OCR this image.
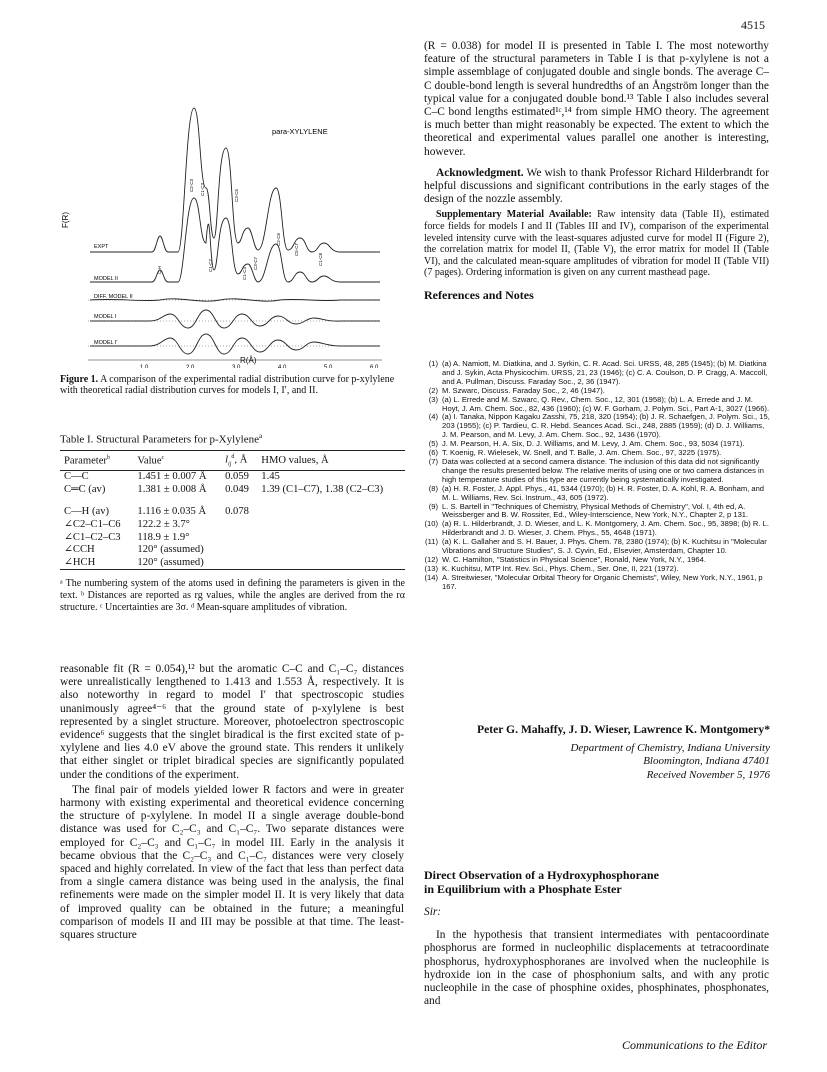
4515
F(R)
para-XYLYLENE
EXPT
MODEL II
DIFF. MODEL II
MODEL I
MODEL I'
C-H
C2-C3 C1-C3
C1-C7
C3-C5
C1-C4
C3-C7
C2-C6
C5-C7
C1-C8
1.0	2.0	3.0	4.0	5.0	6.0
R(Å)
Figure 1. A comparison of the experimental radial distribution curve for p-xylylene with theoretical radial distribution curves for models I, I′, and II.
Table I. Structural Parameters for p-Xylylene$^a$
Parameter$^b$	Value$^c$	$l_{ij}^d$, Å	HMO values, Å
C—C	1.451 ± 0.007 Å	0.059	1.45
C═C (av)	1.381 ± 0.008 Å	0.049	1.39 (C1–C7), 1.38 (C2–C3)
C—H (av)	1.116 ± 0.035 Å	0.078	
∠C2–C1–C6	122.2 ± 3.7°		
∠C1–C2–C3	118.9 ± 1.9°		
∠CCH	120° (assumed)		
∠HCH	120° (assumed)		

ᵃ The numbering system of the atoms used in defining the parameters is given in the text. ᵇ Distances are reported as rg values, while the angles are derived from the rα structure. ᶜ Uncertainties are 3σ. ᵈ Mean-square amplitudes of vibration.

reasonable fit (R = 0.054),¹² but the aromatic C–C and C₁–C₇ distances were unrealistically lengthened to 1.413 and 1.553 Å, respectively. It is also noteworthy in regard to model I′ that spectroscopic studies unanimously agree⁴⁻⁶ that the ground state of p-xylylene is best represented by a singlet structure. Moreover, photoelectron spectroscopic evidence⁶ suggests that the singlet biradical is the first excited state of p-xylylene and lies 4.0 eV above the ground state. This renders it unlikely that either singlet or triplet biradical species are significantly populated under the conditions of the experiment.

The final pair of models yielded lower R factors and were in greater harmony with existing experimental and theoretical evidence concerning the structure of p-xylylene. In model II a single average double-bond distance was used for C₂–C₃ and C₁–C₇. Two separate distances were employed for C₂–C₃ and C₁–C₇ in model III. Early in the analysis it became obvious that the C₂–C₃ and C₁–C₇ distances were very closely spaced and highly correlated. In view of the fact that less than perfect data from a single camera distance was being used in the analysis, the final refinements were made on the simpler model II. It is very likely that data of improved quality can be obtained in the future; a meaningful comparison of models II and III may be possible at that time. The least-squares structure

(R = 0.038) for model II is presented in Table I. The most noteworthy feature of the structural parameters in Table I is that p-xylylene is not a simple assemblage of conjugated double and single bonds. The average C–C double-bond length is several hundredths of an Ångström longer than the typical value for a conjugated double bond.¹³ Table I also includes several C–C bond lengths estimated¹ᶜ,¹⁴ from simple HMO theory. The agreement is much better than might reasonably be expected. The extent to which the theoretical and experimental values parallel one another is interesting, however.

Acknowledgment. We wish to thank Professor Richard Hilderbrandt for helpful discussions and significant contributions in the early stages of the design of the nozzle assembly.

Supplementary Material Available: Raw intensity data (Table II), estimated force fields for models I and II (Tables III and IV), comparison of the experimental leveled intensity curve with the least-squares adjusted curve for model II (Figure 2), the correlation matrix for model II, (Table V), the error matrix for model II (Table VI), and the calculated mean-square amplitudes of vibration for model II (Table VII) (7 pages). Ordering information is given on any current masthead page.

References and Notes
(1) (a) A. Namiott, M. Diatkina, and J. Syrkin, C. R. Acad. Sci. URSS, 48, 285 (1945); (b) M. Diatkina and J. Sykin, Acta Physicochim. URSS, 21, 23 (1946); (c) C. A. Coulson, D. P. Cragg, A. Maccoll, and A. Pullman, Discuss. Faraday Soc., 2, 36 (1947).
(2) M. Szwarc, Discuss. Faraday Soc., 2, 46 (1947).
(3) (a) L. Errede and M. Szwarc, Q. Rev., Chem. Soc., 12, 301 (1958); (b) L. A. Errede and J. M. Hoyt, J. Am. Chem. Soc., 82, 436 (1960); (c) W. F. Gorham, J. Polym. Sci., Part A-1, 3027 (1966).
(4) (a) I. Tanaka, Nippon Kagaku Zasshi, 75, 218, 320 (1954); (b) J. R. Schaefgen, J. Polym. Sci., 15, 203 (1955); (c) P. Tardieu, C. R. Hebd. Seances Acad. Sci., 248, 2885 (1959); (d) D. J. Williams, J. M. Pearson, and M. Levy, J. Am. Chem. Soc., 92, 1436 (1970).
(5) J. M. Pearson, H. A. Six, D. J. Williams, and M. Levy, J. Am. Chem. Soc., 93, 5034 (1971).
(6) T. Koenig, R. Wielesek, W. Snell, and T. Balle, J. Am. Chem. Soc., 97, 3225 (1975).
(7) Data was collected at a second camera distance. The inclusion of this data did not significantly change the results presented below. The relative merits of using one or two camera distances in high temperature studies of this type are currently being systematically investigated.
(8) (a) H. R. Foster, J. Appl. Phys., 41, 5344 (1970); (b) H. R. Foster, D. A. Kohl, R. A. Bonham, and M. L. Williams, Rev. Sci. Instrum., 43, 605 (1972).
(9) L. S. Bartell in "Techniques of Chemistry, Physical Methods of Chemistry", Vol. I, 4th ed, A. Weissberger and B. W. Rossiter, Ed., Wiley-Interscience, New York, N.Y., Chapter 2, p 131.
(10) (a) R. L. Hilderbrandt, J. D. Wieser, and L. K. Montgomery, J. Am. Chem. Soc., 95, 3898; (b) R. L. Hilderbrandt and J. D. Wieser, J. Chem. Phys., 55, 4648 (1971).
(11) (a) K. L. Gallaher and S. H. Bauer, J. Phys. Chem. 78, 2380 (1974); (b) K. Kuchitsu in "Molecular Vibrations and Structure Studies", S. J. Cyvin, Ed., Elsevier, Amsterdam, Chapter 10.
(12) W. C. Hamilton, "Statistics in Physical Science", Ronald, New York, N.Y., 1964.
(13) K. Kuchitsu, MTP Int. Rev. Sci., Phys. Chem., Ser. One, II, 221 (1972).
(14) A. Streitwieser, "Molecular Orbital Theory for Organic Chemists", Wiley, New York, N.Y., 1961, p 167.
Peter G. Mahaffy, J. D. Wieser, Lawrence K. Montgomery*
Department of Chemistry, Indiana University
Bloomington, Indiana 47401
Received November 5, 1976
Direct Observation of a Hydroxyphosphorane
in Equilibrium with a Phosphate Ester
Sir:

In the hypothesis that transient intermediates with pentacoordinate phosphorus are formed in nucleophilic displacements at tetracoordinate phosphorus, hydroxyphosphoranes are involved when the nucleophile is hydroxide ion in the case of phosphonium salts, and with any protic nucleophile in the case of phosphine oxides, phosphinates, phosphonates, and

Communications to the Editor
